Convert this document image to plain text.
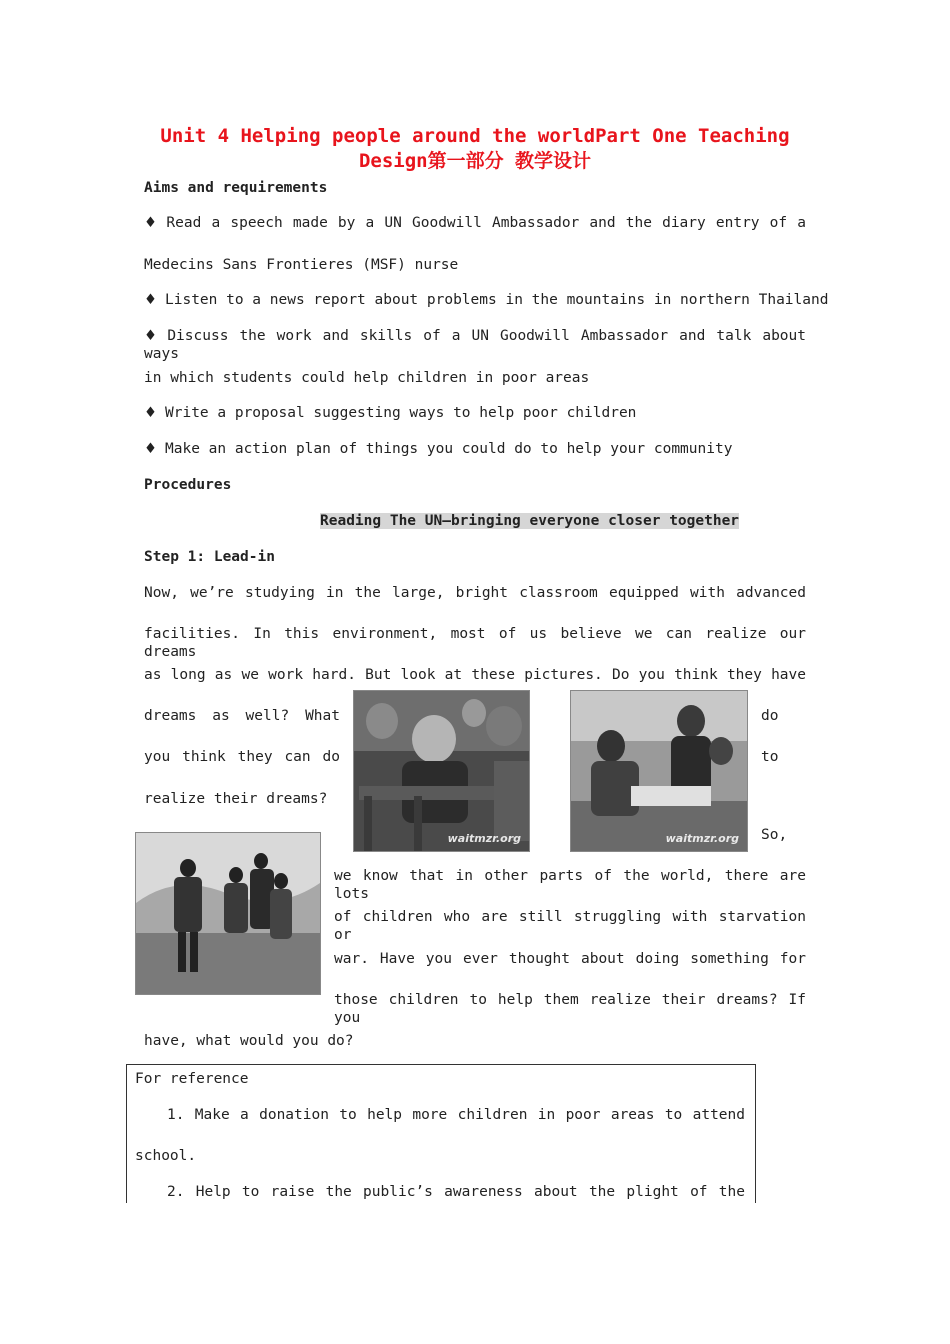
Unit 4 Helping people around the worldPart One Teaching Design第一部分 教学设计
Aims and requirements
♦ Read a speech made by a UN Goodwill Ambassador and the diary entry of a
Medecins Sans Frontieres (MSF) nurse
♦ Listen to a news report about problems in the mountains in northern Thailand
♦ Discuss the work and skills of a UN Goodwill Ambassador and talk about ways
in which students could help children in poor areas
♦ Write a proposal suggesting ways to help poor children
♦ Make an action plan of things you could do to help your community
Procedures
Reading The UN—bringing everyone closer together
Step 1: Lead-in
Now, we’re studying in the large, bright classroom equipped with advanced
facilities. In this environment, most of us believe we can realize our dreams
as long as we work hard. But look at these pictures. Do you think they have
dreams as well? What	do
you think they can do	to
realize their dreams?
So,
we know that in other parts of the world, there are lots
of children who are still struggling with starvation or
war. Have you ever thought about doing something for
those children to help them realize their dreams? If you
have, what would you do?
waitmzr.org	waitmzr.org
For reference
1. Make a donation to help more children in poor areas to attend
school.
2. Help to raise the public’s awareness about the plight of the
